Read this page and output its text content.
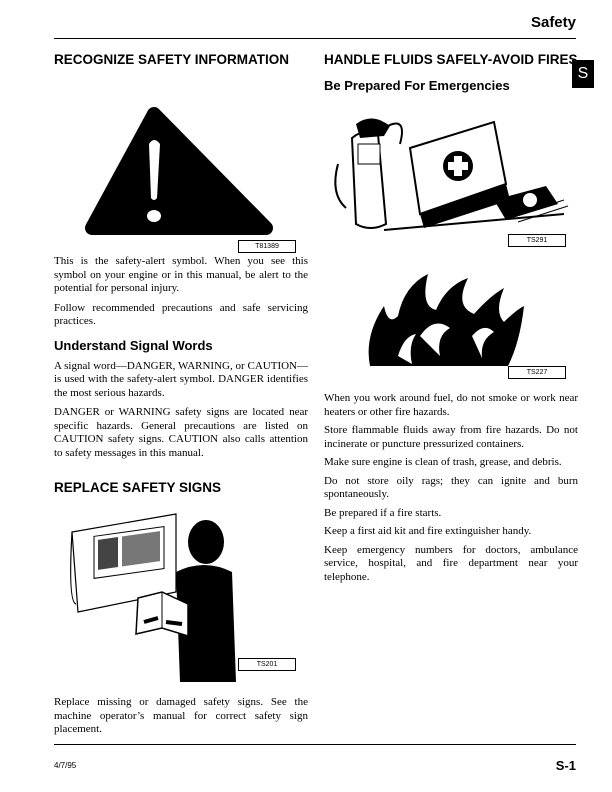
Safety
S
RECOGNIZE SAFETY INFORMATION
T81389

This is the safety-alert symbol. When you see this symbol on your engine or in this manual, be alert to the potential for personal injury.

Follow recommended precautions and safe servicing practices.

Understand Signal Words

A signal word—DANGER, WARNING, or CAUTION—is used with the safety-alert symbol. DANGER identifies the most serious hazards.

DANGER or WARNING safety signs are located near specific hazards. General precautions are listed on CAUTION safety signs. CAUTION also calls attention to safety messages in this manual.

REPLACE SAFETY SIGNS
TS201

Replace missing or damaged safety signs. See the machine operator’s manual for correct safety sign placement.

HANDLE FLUIDS SAFELY-AVOID FIRES
Be Prepared For Emergencies
TS291
TS227

When you work around fuel, do not smoke or work near heaters or other fire hazards.

Store flammable fluids away from fire hazards. Do not incinerate or puncture pressurized containers.

Make sure engine is clean of trash, grease, and debris.

Do not store oily rags; they can ignite and burn spontaneously.

Be prepared if a fire starts.

Keep a first aid kit and fire extinguisher handy.

Keep emergency numbers for doctors, ambulance service, hospital, and fire department near your telephone.

4/7/95	S-1
